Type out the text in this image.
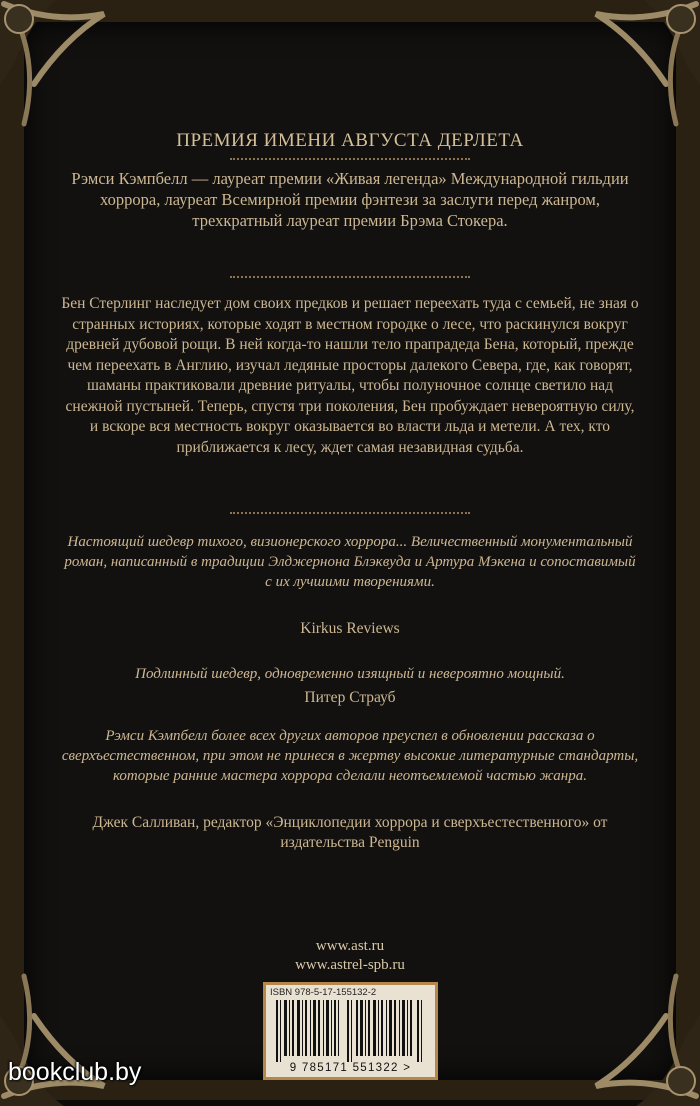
ПРЕМИЯ ИМЕНИ АВГУСТА ДЕРЛЕТА
Рэмси Кэмпбелл — лауреат премии «Живая легенда» Международной гильдии хоррора, лауреат Всемирной премии фэнтези за заслуги перед жанром, трехкратный лауреат премии Брэма Стокера.
Бен Стерлинг наследует дом своих предков и решает переехать туда с семьей, не зная о странных историях, которые ходят в местном городке о лесе, что раскинулся вокруг древней дубовой рощи. В ней когда-то нашли тело прапрадеда Бена, который, прежде чем переехать в Англию, изучал ледяные просторы далекого Севера, где, как говорят, шаманы практиковали древние ритуалы, чтобы полуночное солнце светило над снежной пустыней. Теперь, спустя три поколения, Бен пробуждает невероятную силу, и вскоре вся местность вокруг оказывается во власти льда и метели. А тех, кто приближается к лесу, ждет самая незавидная судьба.
Настоящий шедевр тихого, визионерского хоррора... Величественный монументальный роман, написанный в традиции Элджернона Блэквуда и Артура Мэкена и сопоставимый с их лучшими творениями.
Kirkus Reviews
Подлинный шедевр, одновременно изящный и невероятно мощный.
Питер Страуб
Рэмси Кэмпбелл более всех других авторов преуспел в обновлении рассказа о сверхъестественном, при этом не принеся в жертву высокие литературные стандарты, которые ранние мастера хоррора сделали неотъемлемой частью жанра.
Джек Салливан, редактор «Энциклопедии хоррора и сверхъестественного» от издательства Penguin
www.ast.ru
www.astrel-spb.ru
ISBN 978-5-17-155132-2
9 785171 551322 >
bookclub.by
